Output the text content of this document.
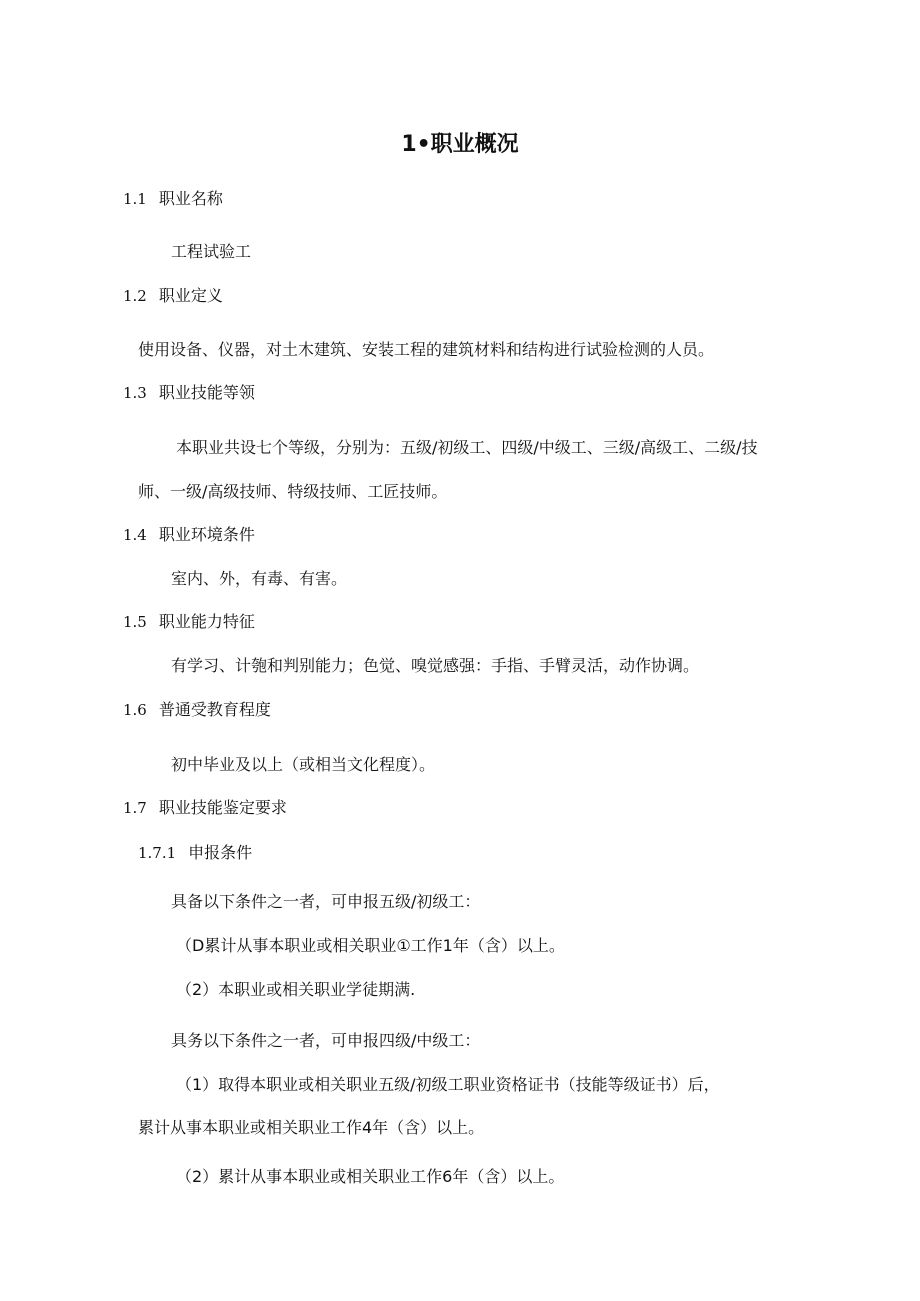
1•职业概况
1.1 职业名称
工程试验工
1.2 职业定义
使用设备、仪器，对土木建筑、安装工程的建筑材料和结构进行试验检测的人员。
1.3 职业技能等领
本职业共设七个等级，分别为：五级/初级工、四级/中级工、三级/高级工、二级/技
师、一级/高级技师、特级技师、工匠技师。
1.4 职业环境条件
室内、外，有毒、有害。
1.5 职业能力特征
有学习、计匏和判别能力；色觉、嗅觉感强：手指、手臂灵活，动作协调。
1.6 普通受教育程度
初中毕业及以上（或相当文化程度）。
1.7 职业技能鉴定要求
1.7.1 申报条件
具备以下条件之一者，可申报五级/初级工：
（D累计从事本职业或相关职业①工作1年（含）以上。
（2）本职业或相关职业学徒期满.
具务以下条件之一者，可申报四级/中级工：
（1）取得本职业或相关职业五级/初级工职业资格证书（技能等级证书）后，
累计从事本职业或相关职业工作4年（含）以上。
（2）累计从事本职业或相关职业工作6年（含）以上。
